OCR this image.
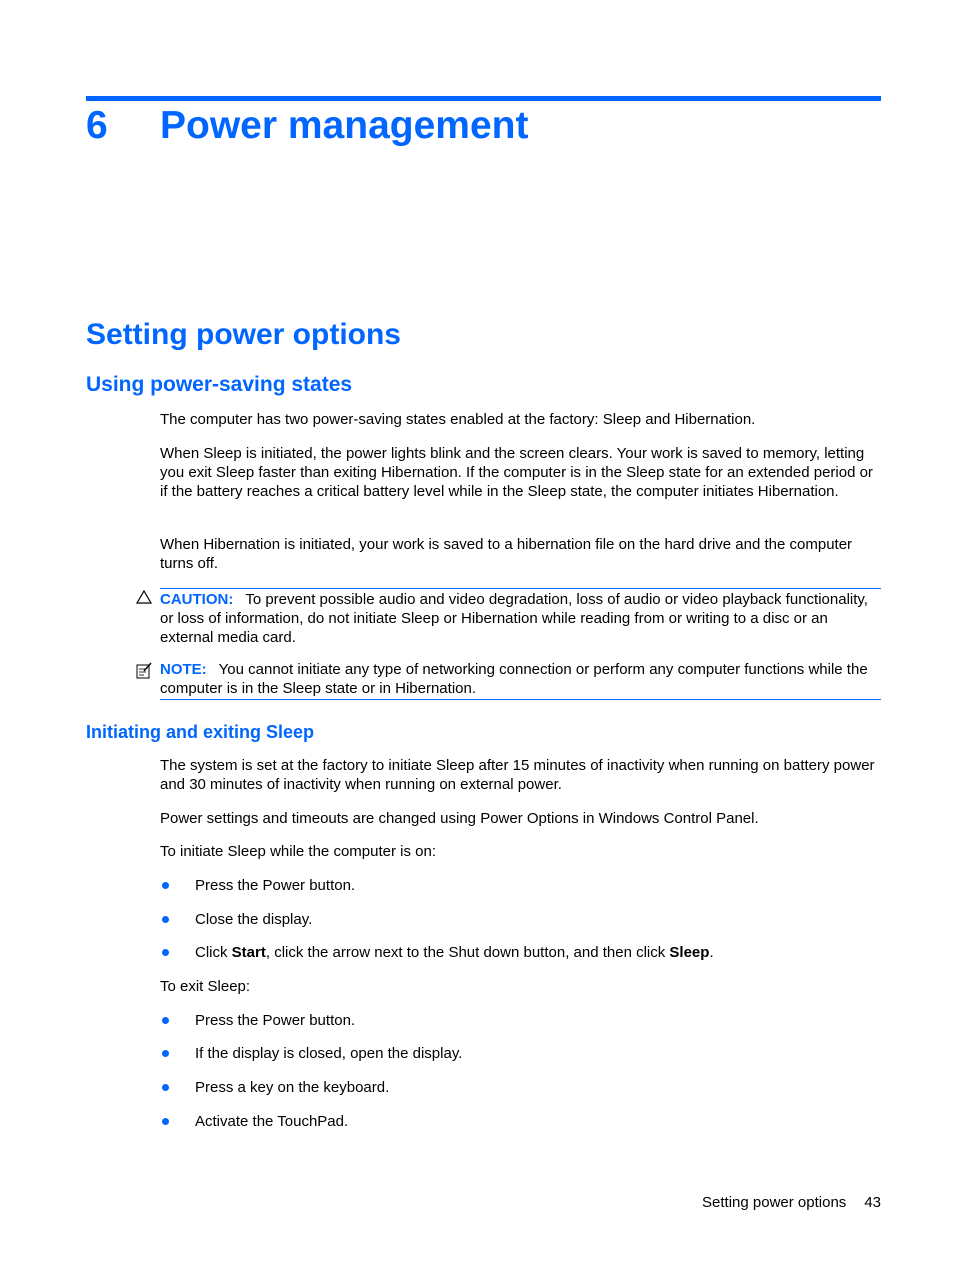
6 Power management
Setting power options
Using power-saving states

The computer has two power-saving states enabled at the factory: Sleep and Hibernation.

When Sleep is initiated, the power lights blink and the screen clears. Your work is saved to memory, letting you exit Sleep faster than exiting Hibernation. If the computer is in the Sleep state for an extended period or if the battery reaches a critical battery level while in the Sleep state, the computer initiates Hibernation.

When Hibernation is initiated, your work is saved to a hibernation file on the hard drive and the computer turns off.

CAUTION: To prevent possible audio and video degradation, loss of audio or video playback functionality, or loss of information, do not initiate Sleep or Hibernation while reading from or writing to a disc or an external media card.

NOTE: You cannot initiate any type of networking connection or perform any computer functions while the computer is in the Sleep state or in Hibernation.

Initiating and exiting Sleep

The system is set at the factory to initiate Sleep after 15 minutes of inactivity when running on battery power and 30 minutes of inactivity when running on external power.

Power settings and timeouts are changed using Power Options in Windows Control Panel.

To initiate Sleep while the computer is on:

Press the Power button.
Close the display.
Click Start, click the arrow next to the Shut down button, and then click Sleep.

To exit Sleep:

Press the Power button.
If the display is closed, open the display.
Press a key on the keyboard.
Activate the TouchPad.
Setting power options 43
